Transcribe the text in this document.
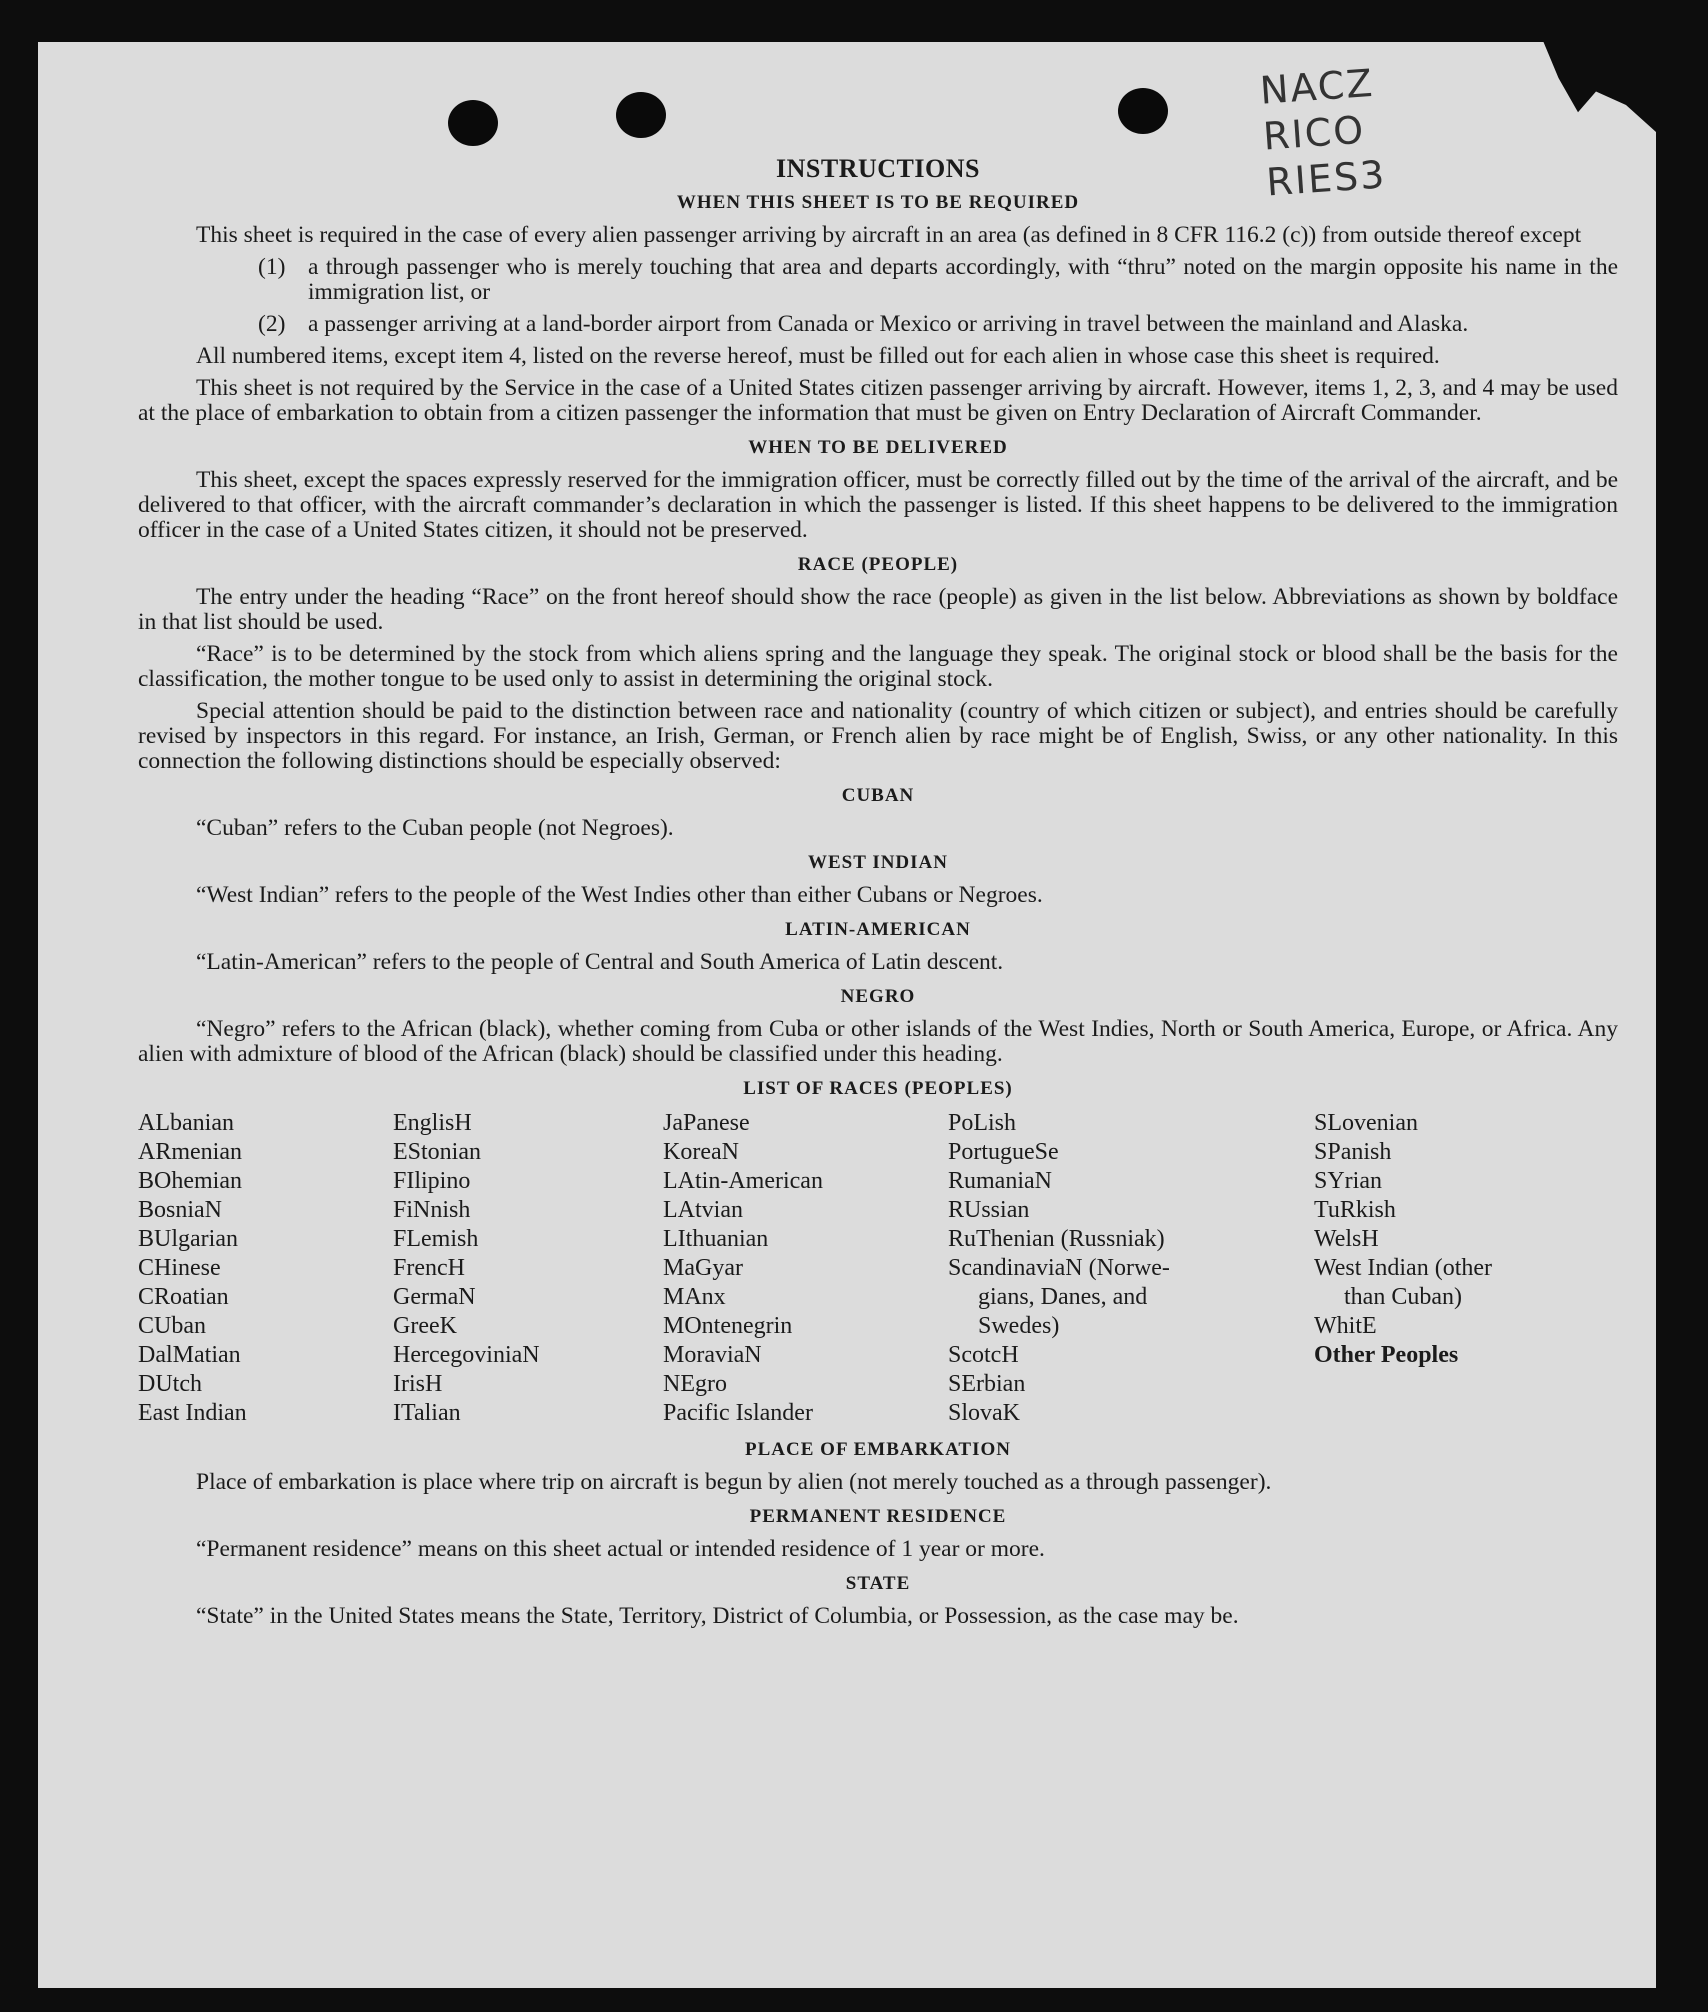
NACZ
RICO
RIES3
INSTRUCTIONS
WHEN THIS SHEET IS TO BE REQUIRED

This sheet is required in the case of every alien passenger arriving by aircraft in an area (as defined in 8 CFR 116.2 (c)) from outside thereof except

(1) a through passenger who is merely touching that area and departs accordingly, with “thru” noted on the margin opposite his name in the immigration list, or
(2) a passenger arriving at a land-border airport from Canada or Mexico or arriving in travel between the mainland and Alaska.

All numbered items, except item 4, listed on the reverse hereof, must be filled out for each alien in whose case this sheet is required.

This sheet is not required by the Service in the case of a United States citizen passenger arriving by aircraft. However, items 1, 2, 3, and 4 may be used at the place of embarkation to obtain from a citizen passenger the information that must be given on Entry Declaration of Aircraft Commander.

WHEN TO BE DELIVERED

This sheet, except the spaces expressly reserved for the immigration officer, must be correctly filled out by the time of the arrival of the aircraft, and be delivered to that officer, with the aircraft commander’s declaration in which the passenger is listed. If this sheet happens to be delivered to the immigration officer in the case of a United States citizen, it should not be preserved.

RACE (PEOPLE)

The entry under the heading “Race” on the front hereof should show the race (people) as given in the list below. Abbreviations as shown by boldface in that list should be used.

“Race” is to be determined by the stock from which aliens spring and the language they speak. The original stock or blood shall be the basis for the classification, the mother tongue to be used only to assist in determining the original stock.

Special attention should be paid to the distinction between race and nationality (country of which citizen or subject), and entries should be carefully revised by inspectors in this regard. For instance, an Irish, German, or French alien by race might be of English, Swiss, or any other nationality. In this connection the following distinctions should be especially observed:

CUBAN
“Cuban” refers to the Cuban people (not Negroes).
WEST INDIAN
“West Indian” refers to the people of the West Indies other than either Cubans or Negroes.
LATIN-AMERICAN
“Latin-American” refers to the people of Central and South America of Latin descent.
NEGRO

“Negro” refers to the African (black), whether coming from Cuba or other islands of the West Indies, North or South America, Europe, or Africa. Any alien with admixture of blood of the African (black) should be classified under this heading.

LIST OF RACES (PEOPLES)
ALbanian
ARmenian
BOhemian
BosniaN
BUlgarian
CHinese
CRoatian
CUban
DalMatian
DUtch
East Indian
EnglisH
EStonian
FIlipino
FiNnish
FLemish
FrencH
GermaN
GreeK
HercegoviniaN
IrisH
ITalian
JaPanese
KoreaN
LAtin-American
LAtvian
LIthuanian
MaGyar
MAnx
MOntenegrin
MoraviaN
NEgro
Pacific Islander
PoLish
PortugueSe
RumaniaN
RUssian
RuThenian (Russniak)
ScandinaviaN (Norwe-
gians, Danes, and
Swedes)
ScotcH
SErbian
SlovaK
SLovenian
SPanish
SYrian
TuRkish
WelsH
West Indian (other
than Cuban)
WhitE
Other Peoples
PLACE OF EMBARKATION

Place of embarkation is place where trip on aircraft is begun by alien (not merely touched as a through passenger).

PERMANENT RESIDENCE
“Permanent residence” means on this sheet actual or intended residence of 1 year or more.
STATE

“State” in the United States means the State, Territory, District of Columbia, or Possession, as the case may be.
